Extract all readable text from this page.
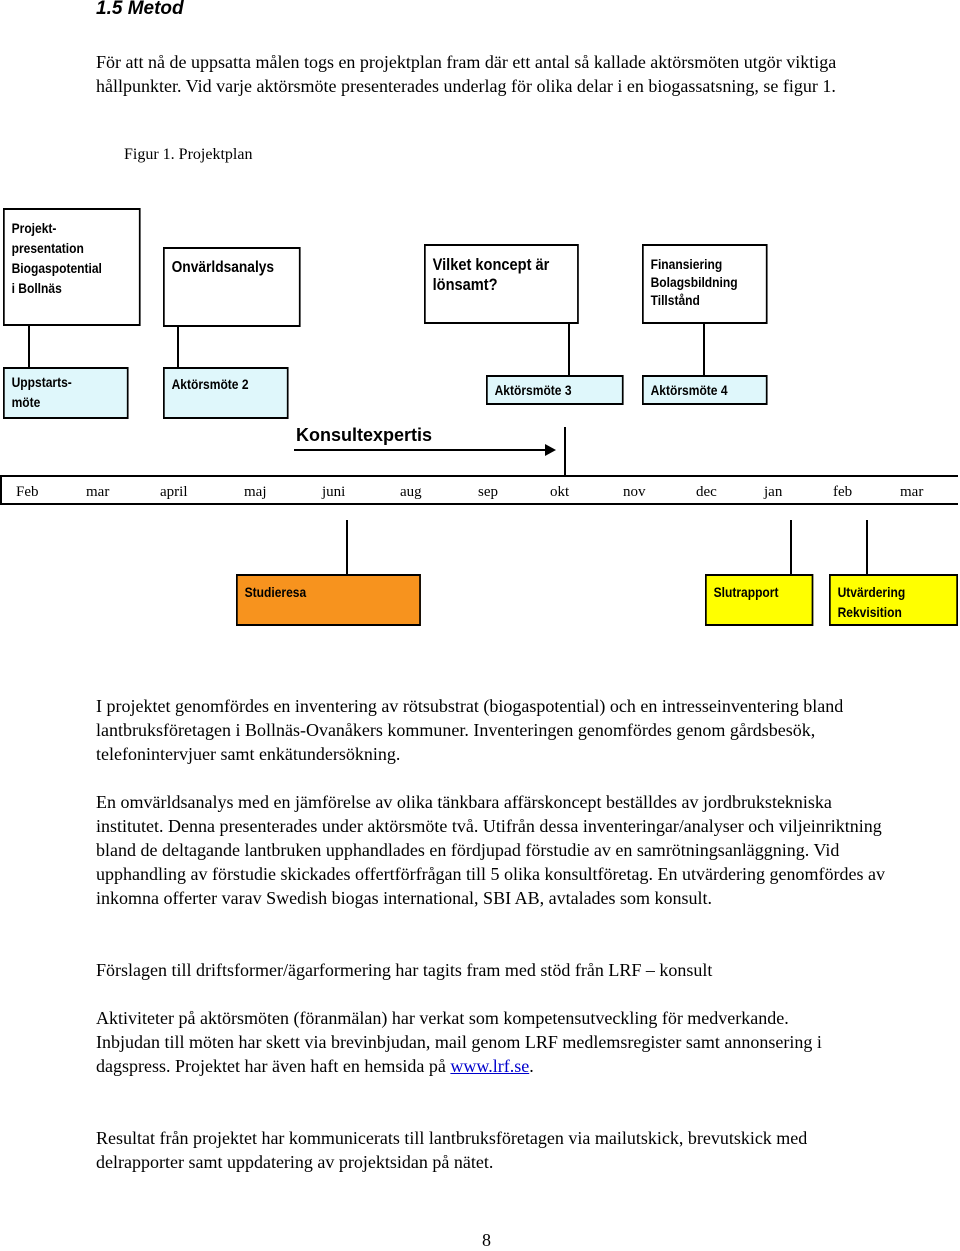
1.5 Metod

För att nå de uppsatta målen togs en projektplan fram där ett antal så kallade aktörsmöten utgör viktiga hållpunkter. Vid varje aktörsmöte presenterades underlag för olika delar i en biogassatsning, se figur 1.

Figur 1. Projektplan
Projekt-
presentation
Biogaspotential
i Bollnäs
Onvärldsanalys	Vilket koncept är
lönsamt?
Finansiering
Bolagsbildning
Tillstånd
Uppstarts-
möte
Aktörsmöte 2	Aktörsmöte 3	Aktörsmöte 4
Konsultexpertis
Feb	mar	april	maj	juni	aug	sep	okt	nov	dec	jan	feb	mar
Studieresa	Slutrapport	Utvärdering
Rekvisition

I projektet genomfördes en inventering av rötsubstrat (biogaspotential) och en intresseinventering bland lantbruksföretagen i Bollnäs-Ovanåkers kommuner. Inventeringen genomfördes genom gårdsbesök, telefonintervjuer samt enkätundersökning.

En omvärldsanalys med en jämförelse av olika tänkbara affärskoncept beställdes av jordbrukstekniska institutet. Denna presenterades under aktörsmöte två. Utifrån dessa inventeringar/analyser och viljeinriktning bland de deltagande lantbruken upphandlades en fördjupad förstudie av en samrötningsanläggning. Vid upphandling av förstudie skickades offertförfrågan till 5 olika konsultföretag. En utvärdering genomfördes av inkomna offerter varav Swedish biogas international, SBI AB, avtalades som konsult.

Förslagen till driftsformer/ägarformering har tagits fram med stöd från LRF – konsult

Aktiviteter på aktörsmöten (föranmälan) har verkat som kompetensutveckling för medverkande.

Inbjudan till möten har skett via brevinbjudan, mail genom LRF medlemsregister samt annonsering i dagspress. Projektet har även haft en hemsida på www.lrf.se.

Resultat från projektet har kommunicerats till lantbruksföretagen via mailutskick, brevutskick med delrapporter samt uppdatering av projektsidan på nätet.

8
